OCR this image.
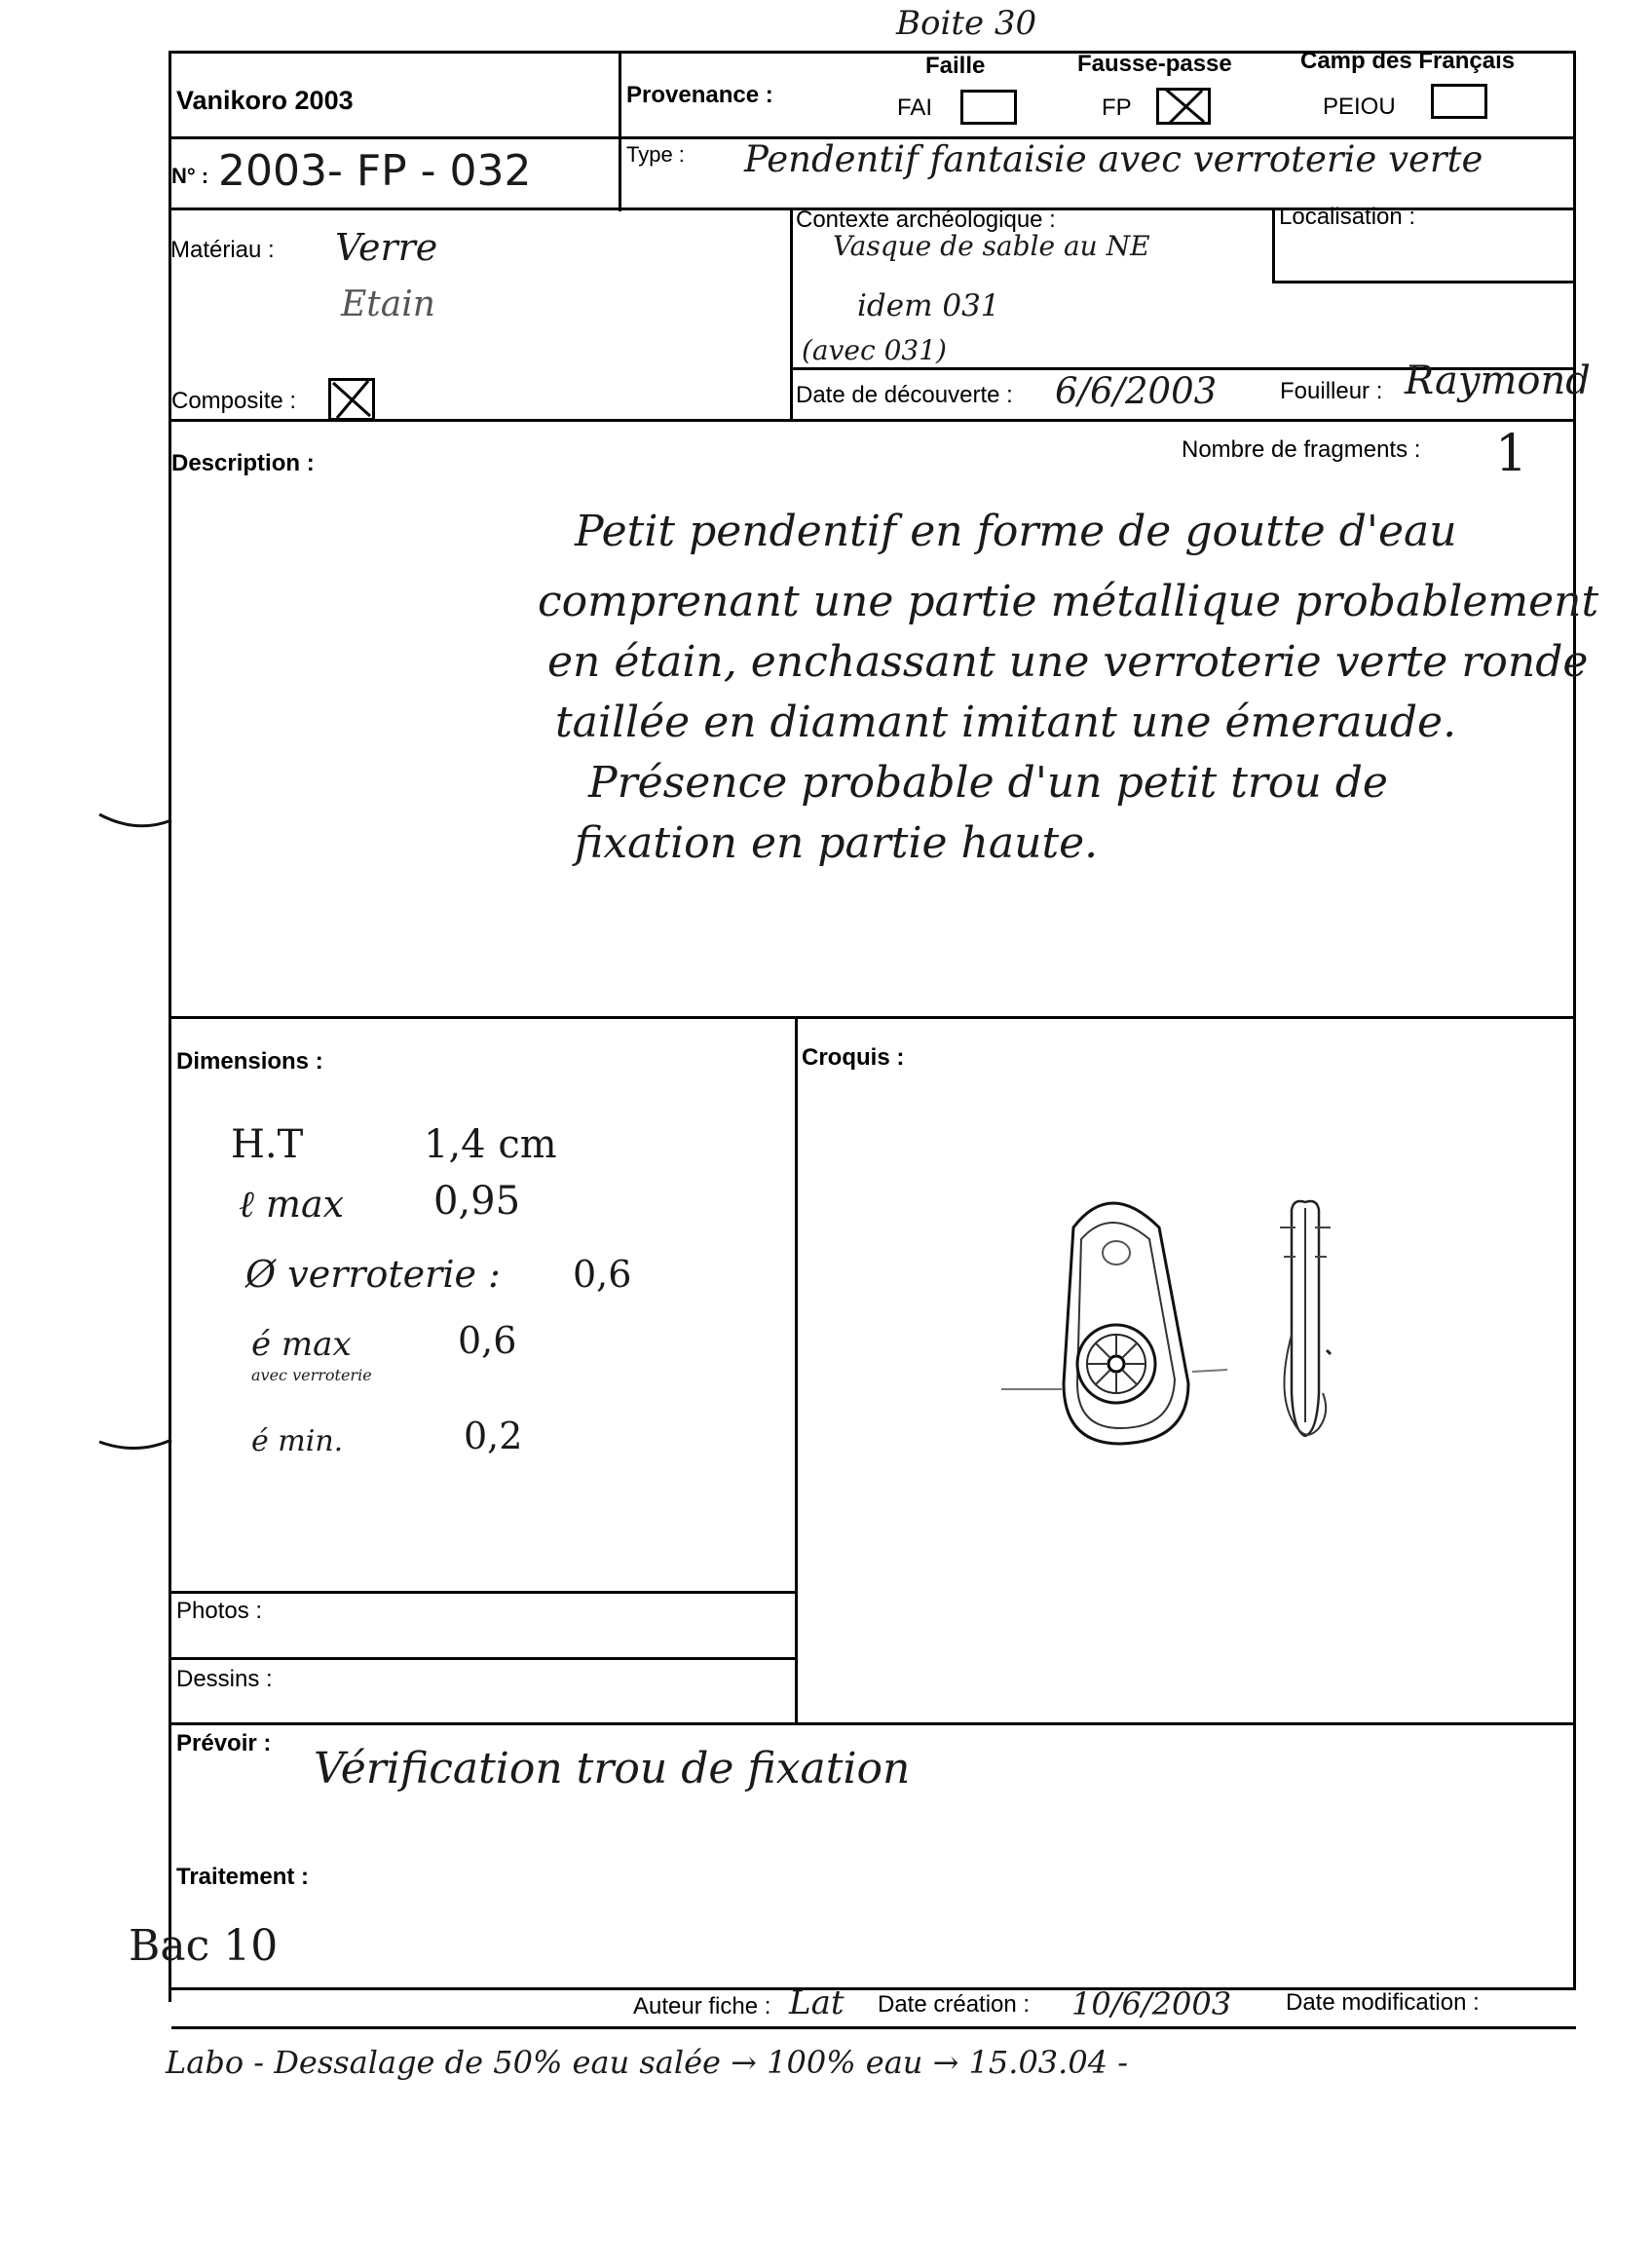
Boite 30
Vanikoro 2003	Provenance :
Faille
FAI
Fausse-passe
FP
Camp des Français
PEIOU
N° : 2003- FP - 032	Type : Pendentif fantaisie avec verroterie verte
Matériau : Verre
Etain
Composite :
Contexte archéologique :
Vasque de sable au NE
idem 031
(avec 031)
Localisation :
Date de découverte : 6/6/2003	Fouilleur : Raymond
Description :
Nombre de fragments : 1
Petit pendentif en forme de goutte d'eau
comprenant une partie métallique probablement
en étain, enchassant une verroterie verte ronde
taillée en diamant imitant une émeraude.
Présence probable d'un petit trou de
fixation en partie haute.
Dimensions :
H.T	1,4 cm
ℓ max 0,95
Ø verroterie : 0,6
é max
avec verroterie
0,6
é min.	0,2
Croquis :
Photos :
Dessins :
Prévoir :
Vérification trou de fixation
Traitement :
Bac 10
Auteur fiche : Lat Date création : 10/6/2003 Date modification :
Labo - Dessalage de 50% eau salée → 100% eau → 15.03.04 -
